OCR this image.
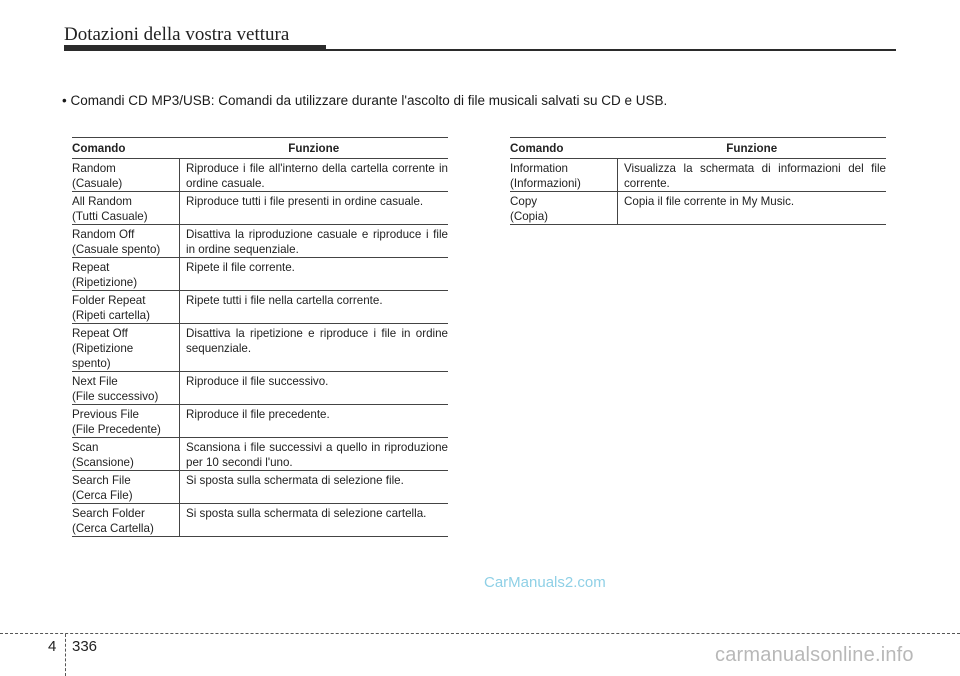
Dotazioni della vostra vettura
• Comandi CD MP3/USB: Comandi da utilizzare durante l'ascolto di file musicali salvati su CD e USB.
Comando	Funzione
Random
(Casuale)	Riproduce i file all'interno della cartella corrente in ordine casuale.
All Random
(Tutti Casuale)	Riproduce tutti i file presenti in ordine casuale.
Random Off
(Casuale spento)	Disattiva la riproduzione casuale e riproduce i file in ordine sequenziale.
Repeat
(Ripetizione)	Ripete il file corrente.
Folder Repeat
(Ripeti cartella)	Ripete tutti i file nella cartella corrente.
Repeat Off
(Ripetizione
spento)	Disattiva la ripetizione e riproduce i file in ordine sequenziale.
Next File
(File successivo)	Riproduce il file successivo.
Previous File
(File Precedente)	Riproduce il file precedente.
Scan
(Scansione)	Scansiona i file successivi a quello in riproduzione per 10 secondi l'uno.
Search File
(Cerca File)	Si sposta sulla schermata di selezione file.
Search Folder
(Cerca Cartella)	Si sposta sulla schermata di selezione cartella.
Comando	Funzione
Information
(Informazioni)	Visualizza la schermata di informazioni del file corrente.
Copy
(Copia)	Copia il file corrente in My Music.
CarManuals2.com
4 336	carmanualsonline.info
